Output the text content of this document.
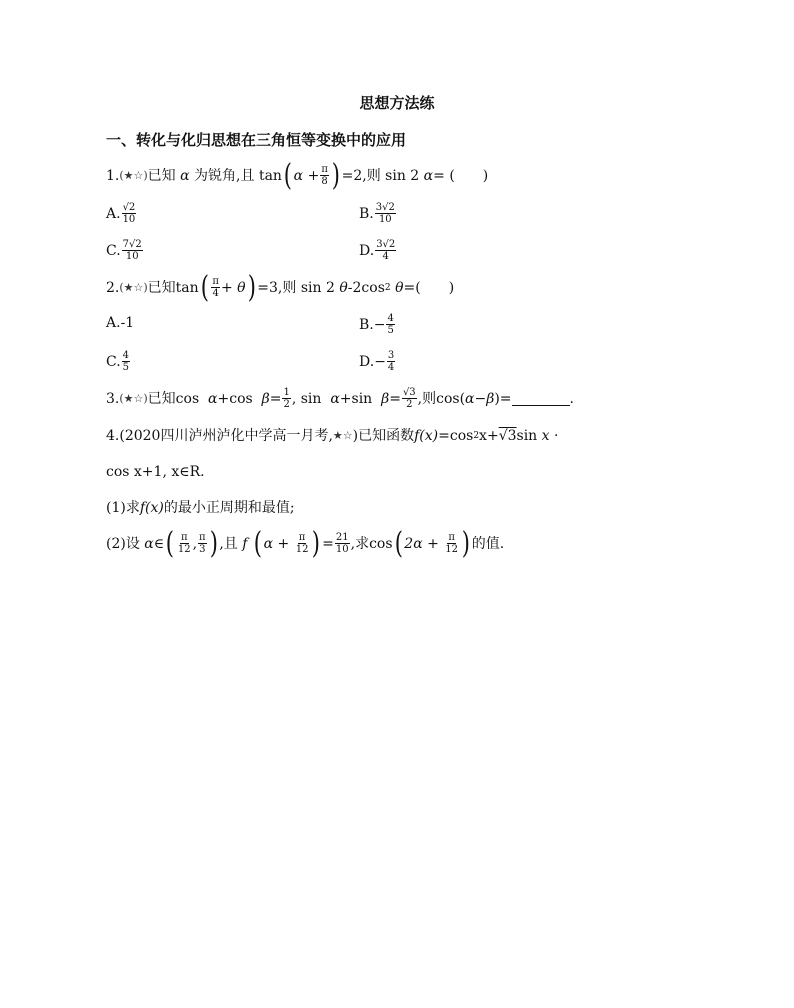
思想方法练
一、转化与化归思想在三角恒等变换中的应用
1. (★☆) 已知
α
为锐角,且
tan ( $\alpha + \frac{\pi}{8}$ ) =2,则
sin 2
α =
(　　)
A. $\frac{√2}{10}$	B. $\frac{3√2}{10}$
C. $\frac{7√2}{10}$	D. $\frac{3√2}{4}$
2. (★☆) 已知 tan ( $\frac{\pi}{4} + \theta$ ) =3,则
sin 2
θ -2cos 2
θ = (　　)
A. -1	B. − $\frac{4}{5}$
C. $\frac{4}{5}$	D. − $\frac{3}{4}$
3. (★☆) 已知 cos
α +cos
$\beta = \frac{1}{2}$ , sin
α +sin
$\beta = \frac{√3}{2}$ ,则 cos( α − β )=	.
4. (2020四川泸州泸化中学高一月考, ★☆ )已知函数 f(x) =cos 2 x+ √3 sin
x
·
cos x+1, x∈R.
(1)求 f(x) 的最小正周期和最值;
(2)设
α ∈ ( $\frac{\pi}{12}$ , $\frac{\pi}{3}$ ) ,且
f
( α
+
$\frac{\pi}{12}$ ) = $\frac{21}{10}$ ,求 cos ( 2α
+
$\frac{\pi}{12}$ ) 的值.
